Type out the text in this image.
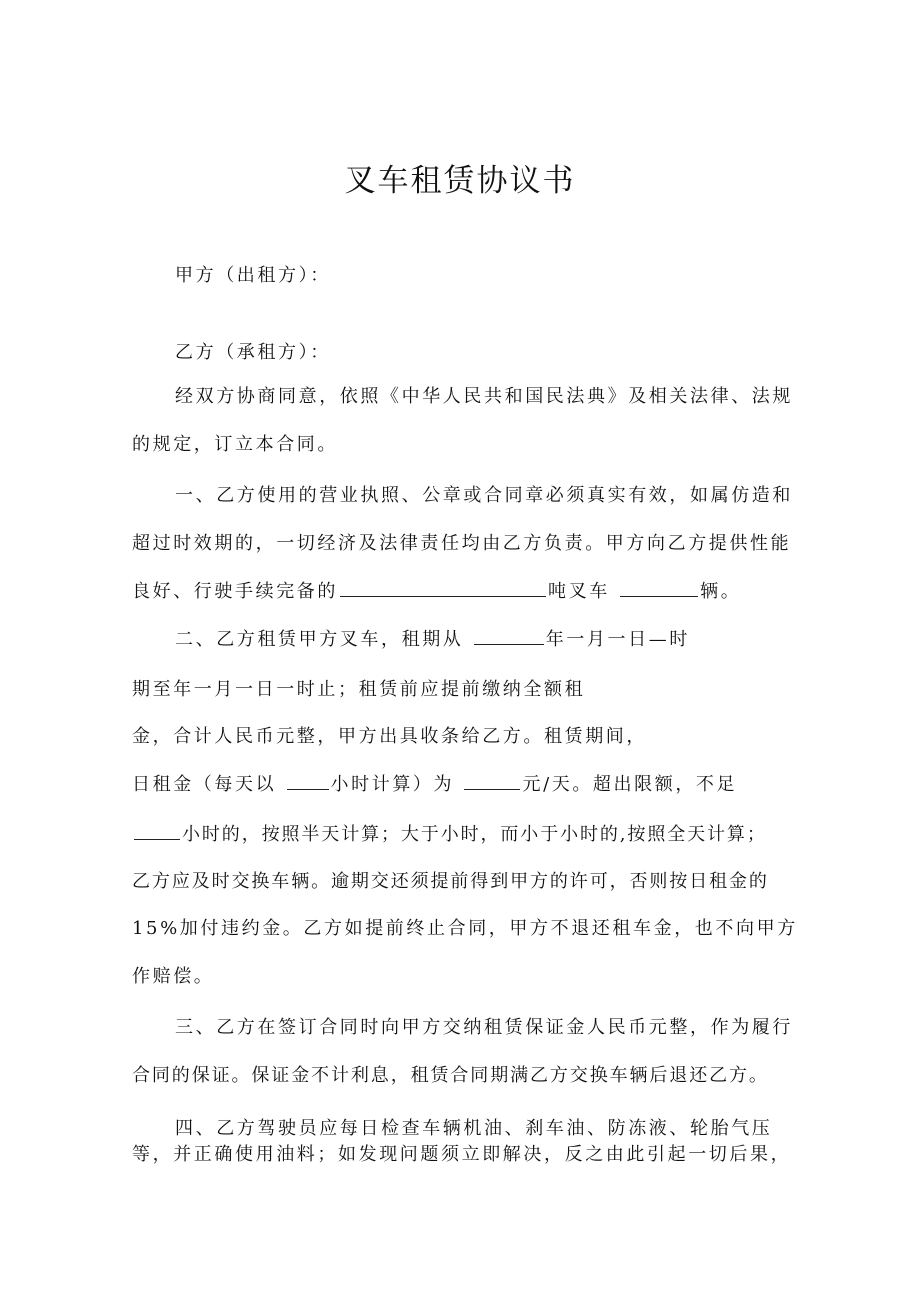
叉车租赁协议书
甲方（出租方）：
乙方（承租方）：
经双方协商同意，依照《中华人民共和国民法典》及相关法律、法规
的规定，订立本合同。
一、乙方使用的营业执照、公章或合同章必须真实有效，如属仿造和
超过时效期的，一切经济及法律责任均由乙方负责。甲方向乙方提供性能
良好、行驶手续完备的	吨叉车	辆。
二、乙方租赁甲方叉车，租期从	年一月一日—时
期至年一月一日一时止；租赁前应提前缴纳全额租
金，合计人民币元整，甲方出具收条给乙方。租赁期间，
日租金（每天以	小时计算）为	元/天。超出限额，不足
小时的，按照半天计算；大于小时，而小于小时的,按照全天计算；
乙方应及时交换车辆。逾期交还须提前得到甲方的许可，否则按日租金的
15%加付违约金。乙方如提前终止合同，甲方不退还租车金，也不向甲方
作赔偿。
三、乙方在签订合同时向甲方交纳租赁保证金人民币元整，作为履行
合同的保证。保证金不计利息，租赁合同期满乙方交换车辆后退还乙方。
四、乙方驾驶员应每日检查车辆机油、刹车油、防冻液、轮胎气压
等，并正确使用油料；如发现问题须立即解决，反之由此引起一切后果，
